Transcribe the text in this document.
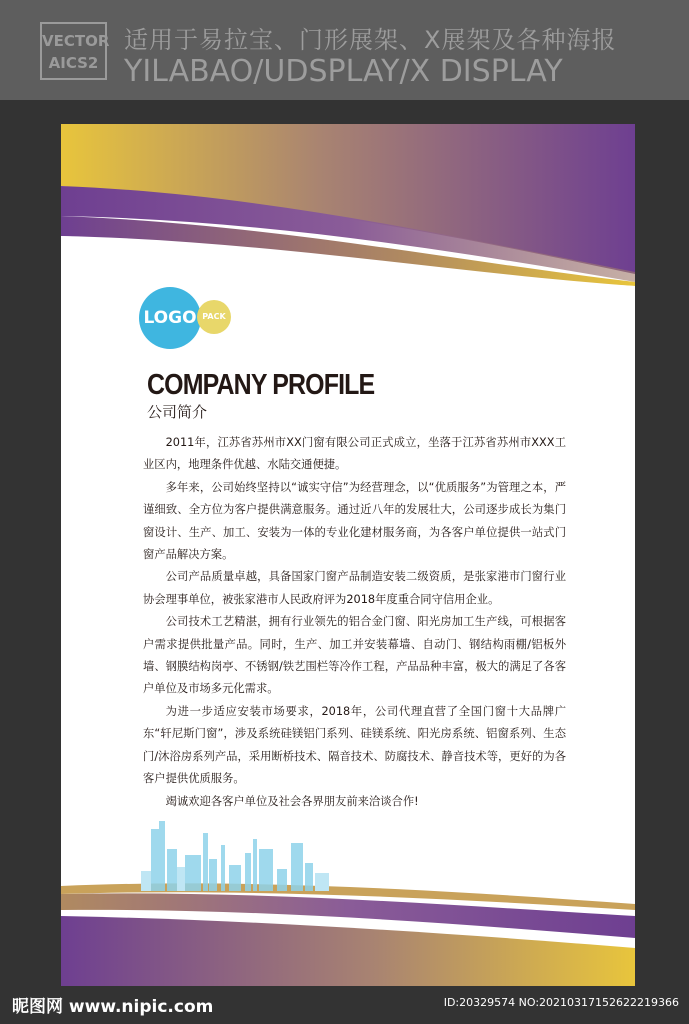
VECTOR
AICS2
适用于易拉宝、门形展架、X展架及各种海报
YILABAO/UDSPLAY/X DISPLAY
LOGO PACK
COMPANY PROFILE
公司简介

2011年，江苏省苏州市XX门窗有限公司正式成立，坐落于江苏省苏州市XXX工业区内，地理条件优越、水陆交通便捷。

多年来，公司始终坚持以“诚实守信”为经营理念，以“优质服务”为管理之本，严谨细致、全方位为客户提供满意服务。通过近八年的发展壮大，公司逐步成长为集门窗设计、生产、加工、安装为一体的专业化建材服务商，为各客户单位提供一站式门窗产品解决方案。

公司产品质量卓越，具备国家门窗产品制造安装二级资质，是张家港市门窗行业协会理事单位，被张家港市人民政府评为2018年度重合同守信用企业。

公司技术工艺精湛，拥有行业领先的铝合金门窗、阳光房加工生产线，可根据客户需求提供批量产品。同时，生产、加工并安装幕墙、自动门、钢结构雨棚/铝板外墙、钢膜结构岗亭、不锈钢/铁艺围栏等冷作工程，产品品种丰富，极大的满足了各客户单位及市场多元化需求。

为进一步适应安装市场要求，2018年，公司代理直营了全国门窗十大品牌广东“轩尼斯门窗”，涉及系统硅镁铝门系列、硅镁系统、阳光房系统、铝窗系列、生态门/沐浴房系列产品，采用断桥技术、隔音技术、防腐技术、静音技术等，更好的为各客户提供优质服务。

竭诚欢迎各客户单位及社会各界朋友前来洽谈合作!

昵图网 www.nipic.com	ID:20329574 NO:20210317152622219366
